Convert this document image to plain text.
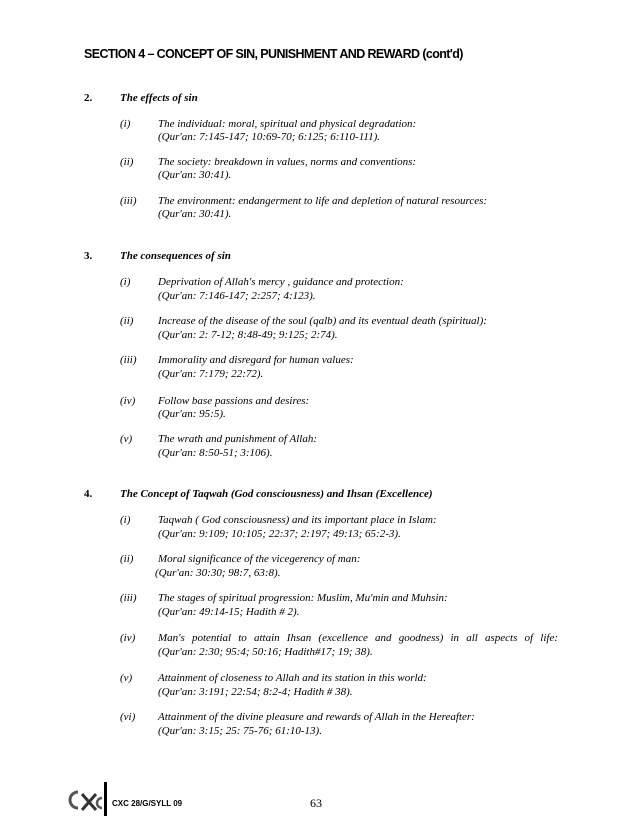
SECTION 4 – CONCEPT OF SIN, PUNISHMENT AND REWARD (cont'd)
2.	The effects of sin
(i)	The individual: moral, spiritual and physical degradation:
(Qur'an: 7:145-147; 10:69-70; 6:125; 6:110-111).
(ii) The society: breakdown in values, norms and conventions:
(Qur'an: 30:41).
(iii) The environment: endangerment to life and depletion of natural resources:
(Qur'an: 30:41).
3.	The consequences of sin
(i)	Deprivation of Allah's mercy , guidance and protection:
(Qur'an: 7:146-147; 2:257; 4:123).
(ii) Increase of the disease of the soul (qalb) and its eventual death (spiritual):
(Qur'an: 2: 7-12; 8:48-49; 9:125; 2:74).
(iii) Immorality and disregard for human values:
(Qur'an: 7:179; 22:72).
(iv) Follow base passions and desires:
(Qur'an: 95:5).
(v) The wrath and punishment of Allah:
(Qur'an: 8:50-51; 3:106).
4.	The Concept of Taqwah (God consciousness) and Ihsan (Excellence)
(i)	Taqwah ( God consciousness) and its important place in Islam:
(Qur'an: 9:109; 10:105; 22:37; 2:197; 49:13; 65:2-3).
(ii) Moral significance of the vicegerency of man:
(Qur'an: 30:30; 98:7, 63:8).
(iii) The stages of spiritual progression: Muslim, Mu'min and Muhsin:
(Qur'an: 49:14-15; Hadith # 2).
(iv) Man's potential to attain Ihsan (excellence and goodness) in all aspects of life:
(Qur'an: 2:30; 95:4; 50:16; Hadith#17; 19; 38).
(v) Attainment of closeness to Allah and its station in this world:
(Qur'an: 3:191; 22:54; 8:2-4; Hadith # 38).
(vi) Attainment of the divine pleasure and rewards of Allah in the Hereafter:
(Qur'an: 3:15; 25: 75-76; 61:10-13).
CXC 28/G/SYLL 09	63
